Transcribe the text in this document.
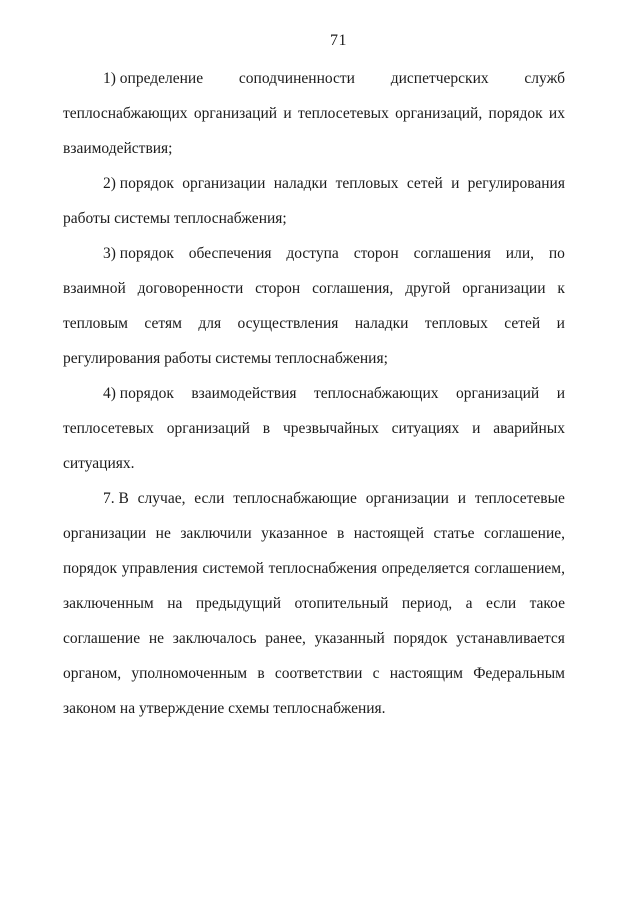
71
1) определение соподчиненности диспетчерских служб
теплоснабжающих организаций и теплосетевых организаций, порядок их
взаимодействия;
2) порядок организации наладки тепловых сетей и регулирования
работы системы теплоснабжения;
3) порядок обеспечения доступа сторон соглашения или, по
взаимной договоренности сторон соглашения, другой организации к
тепловым сетям для осуществления наладки тепловых сетей и
регулирования работы системы теплоснабжения;
4) порядок взаимодействия теплоснабжающих организаций и
теплосетевых организаций в чрезвычайных ситуациях и аварийных
ситуациях.
7. В случае, если теплоснабжающие организации и теплосетевые
организации не заключили указанное в настоящей статье соглашение,
порядок управления системой теплоснабжения определяется соглашением,
заключенным на предыдущий отопительный период, а если такое
соглашение не заключалось ранее, указанный порядок устанавливается
органом, уполномоченным в соответствии с настоящим Федеральным
законом на утверждение схемы теплоснабжения.
